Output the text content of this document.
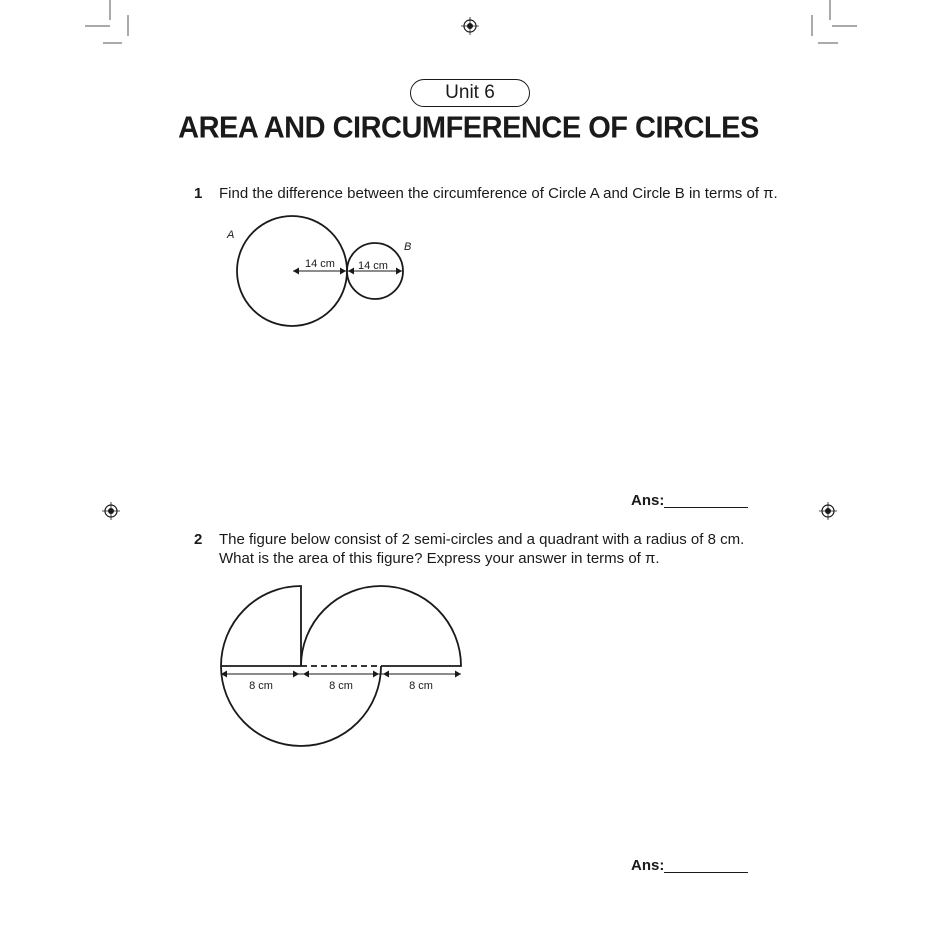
Unit 6
AREA AND CIRCUMFERENCE OF CIRCLES
1 Find the difference between the circumference of Circle A and Circle B in terms of π.
A
B
14 cm 14 cm
Ans:
2 The figure below consist of 2 semi-circles and a quadrant with a radius of 8 cm.
What is the area of this figure? Express your answer in terms of π.
8 cm	8 cm	8 cm
Ans:
